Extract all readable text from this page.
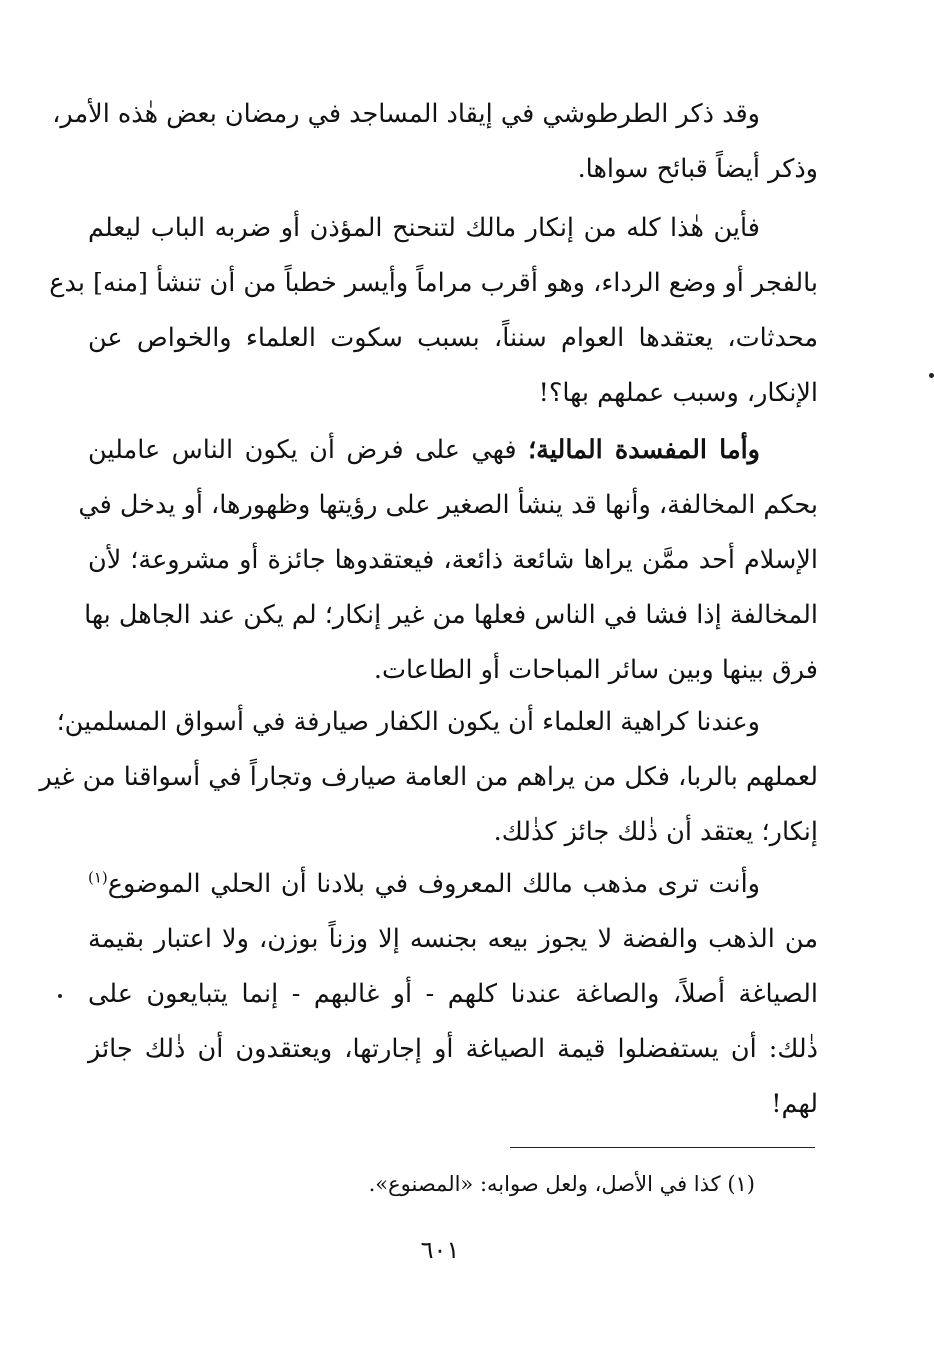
وقد ذكر الطرطوشي في إيقاد المساجد في رمضان بعض هٰذه الأمر،
وذكر أيضاً قبائح سواها.
فأين هٰذا كله من إنكار مالك لتنحنح المؤذن أو ضربه الباب ليعلم
بالفجر أو وضع الرداء، وهو أقرب مراماً وأيسر خطباً من أن تنشأ [منه] بدع
محدثات، يعتقدها العوام سنناً، بسبب سكوت العلماء والخواص عن
الإنكار، وسبب عملهم بها؟!
وأما المفسدة المالية؛ فهي على فرض أن يكون الناس عاملين
بحكم المخالفة، وأنها قد ينشأ الصغير على رؤيتها وظهورها، أو يدخل في
الإسلام أحد ممَّن يراها شائعة ذائعة، فيعتقدوها جائزة أو مشروعة؛ لأن
المخالفة إذا فشا في الناس فعلها من غير إنكار؛ لم يكن عند الجاهل بها
فرق بينها وبين سائر المباحات أو الطاعات.
وعندنا كراهية العلماء أن يكون الكفار صيارفة في أسواق المسلمين؛
لعملهم بالربا، فكل من يراهم من العامة صيارف وتجاراً في أسواقنا من غير
إنكار؛ يعتقد أن ذٰلك جائز كذٰلك.
وأنت ترى مذهب مالك المعروف في بلادنا أن الحلي الموضوع$^{(١)}$
من الذهب والفضة لا يجوز بيعه بجنسه إلا وزناً بوزن، ولا اعتبار بقيمة
الصياغة أصلاً، والصاغة عندنا كلهم - أو غالبهم - إنما يتبايعون على
ذٰلك: أن يستفضلوا قيمة الصياغة أو إجارتها، ويعتقدون أن ذٰلك جائز
لهم!
(١) كذا في الأصل، ولعل صوابه: «المصنوع».
٦٠١
